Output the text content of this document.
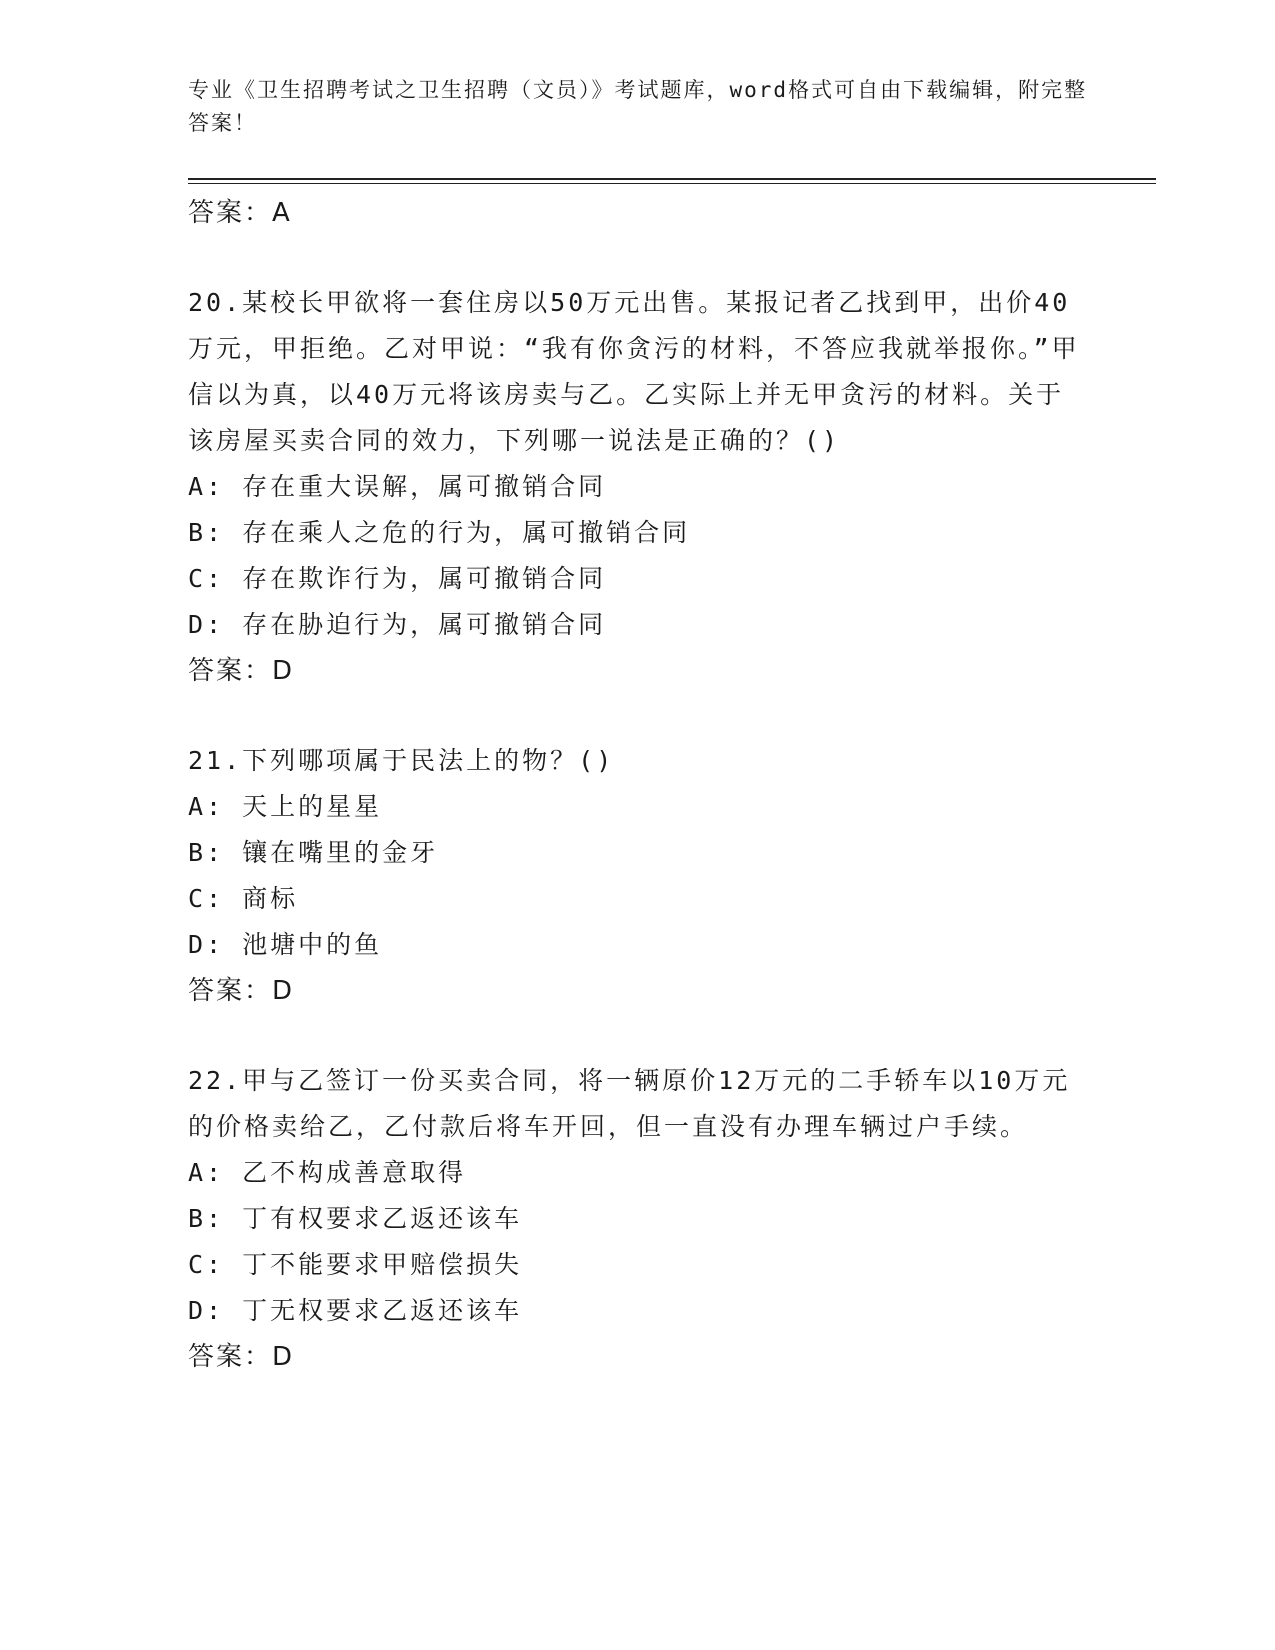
专业《卫生招聘考试之卫生招聘（文员）》考试题库，word格式可自由下载编辑，附完整答案！
答案：A
20.某校长甲欲将一套住房以50万元出售。某报记者乙找到甲，出价40万元，甲拒绝。乙对甲说：“我有你贪污的材料，不答应我就举报你。”甲信以为真，以40万元将该房卖与乙。乙实际上并无甲贪污的材料。关于该房屋买卖合同的效力，下列哪一说法是正确的？()
A: 存在重大误解，属可撤销合同
B: 存在乘人之危的行为，属可撤销合同
C: 存在欺诈行为，属可撤销合同
D: 存在胁迫行为，属可撤销合同
答案：D
21.下列哪项属于民法上的物？()
A: 天上的星星
B: 镶在嘴里的金牙
C: 商标
D: 池塘中的鱼
答案：D
22.甲与乙签订一份买卖合同，将一辆原价12万元的二手轿车以10万元的价格卖给乙，乙付款后将车开回，但一直没有办理车辆过户手续。
A: 乙不构成善意取得
B: 丁有权要求乙返还该车
C: 丁不能要求甲赔偿损失
D: 丁无权要求乙返还该车
答案：D
